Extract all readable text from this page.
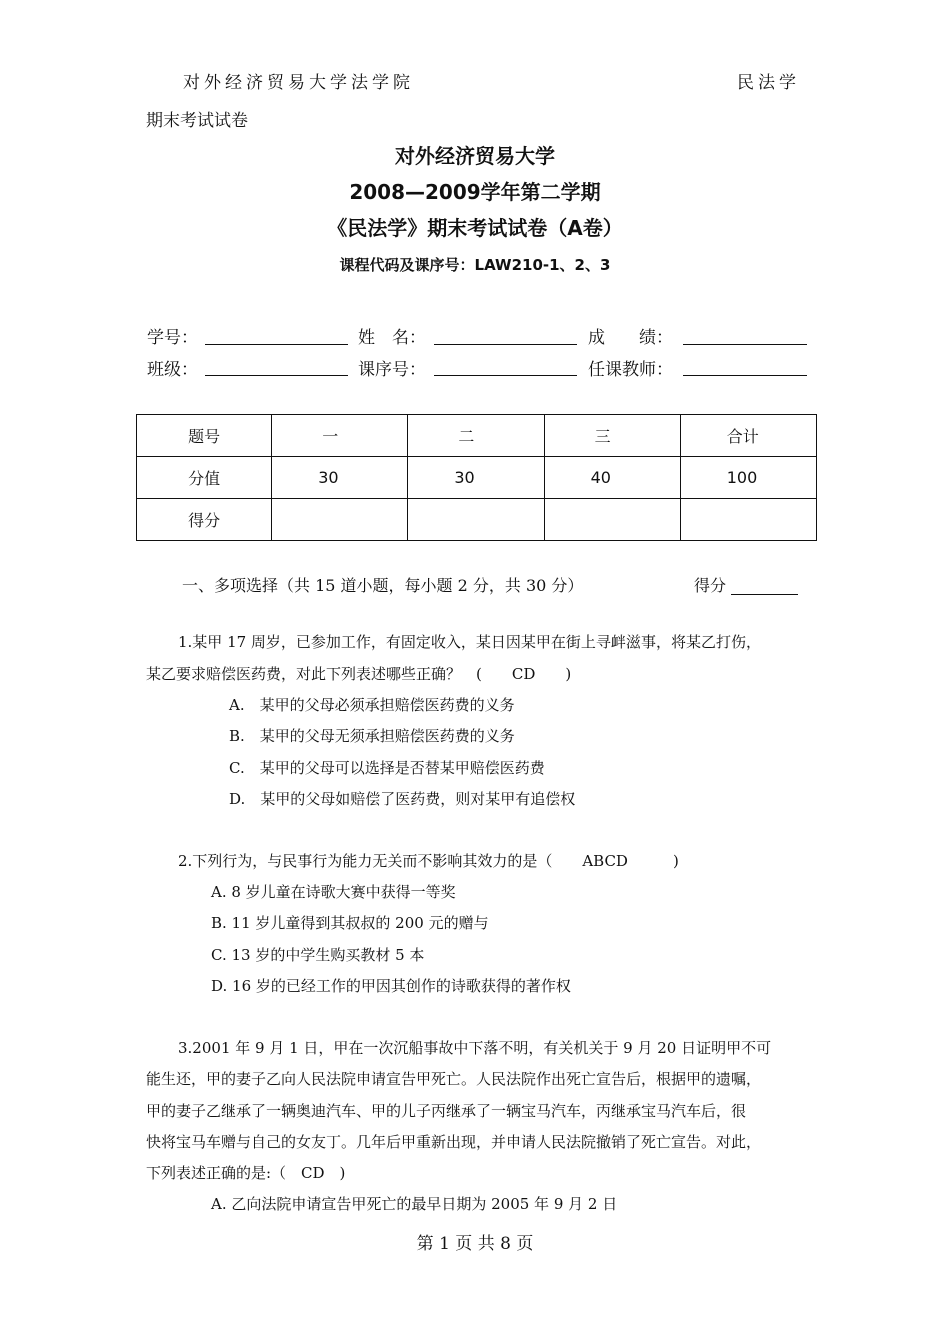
对外经济贸易大学法学院	民法学
期末考试试卷
对外经济贸易大学
2008—2009学年第二学期
《民法学》期末考试试卷（A卷）
课程代码及课序号：LAW210-1、2、3
学号：	姓　名：	成　　绩：
班级：	课序号：	任课教师：
题号	一	二	三	合计
分值	30	30	40	100
得分				
一、多项选择（共 15 道小题，每小题 2 分，共 30 分）	得分
1.某甲 17 周岁，已参加工作，有固定收入，某日因某甲在街上寻衅滋事，将某乙打伤，
某乙要求赔偿医药费，对此下列表述哪些正确？　(　　CD　　)
A.　某甲的父母必须承担赔偿医药费的义务
B.　某甲的父母无须承担赔偿医药费的义务
C.　某甲的父母可以选择是否替某甲赔偿医药费
D.　某甲的父母如赔偿了医药费，则对某甲有追偿权
2.下列行为，与民事行为能力无关而不影响其效力的是（　　ABCD　　　)
A. 8 岁儿童在诗歌大赛中获得一等奖
B. 11 岁儿童得到其叔叔的 200 元的赠与
C. 13 岁的中学生购买教材 5 本
D. 16 岁的已经工作的甲因其创作的诗歌获得的著作权
3.2001 年 9 月 1 日，甲在一次沉船事故中下落不明，有关机关于 9 月 20 日证明甲不可
能生还，甲的妻子乙向人民法院申请宣告甲死亡。人民法院作出死亡宣告后，根据甲的遗嘱，
甲的妻子乙继承了一辆奥迪汽车、甲的儿子丙继承了一辆宝马汽车，丙继承宝马汽车后，很
快将宝马车赠与自己的女友丁。几年后甲重新出现，并申请人民法院撤销了死亡宣告。对此，
下列表述正确的是:（　CD　)
A. 乙向法院申请宣告甲死亡的最早日期为 2005 年 9 月 2 日
第 1 页 共 8 页
